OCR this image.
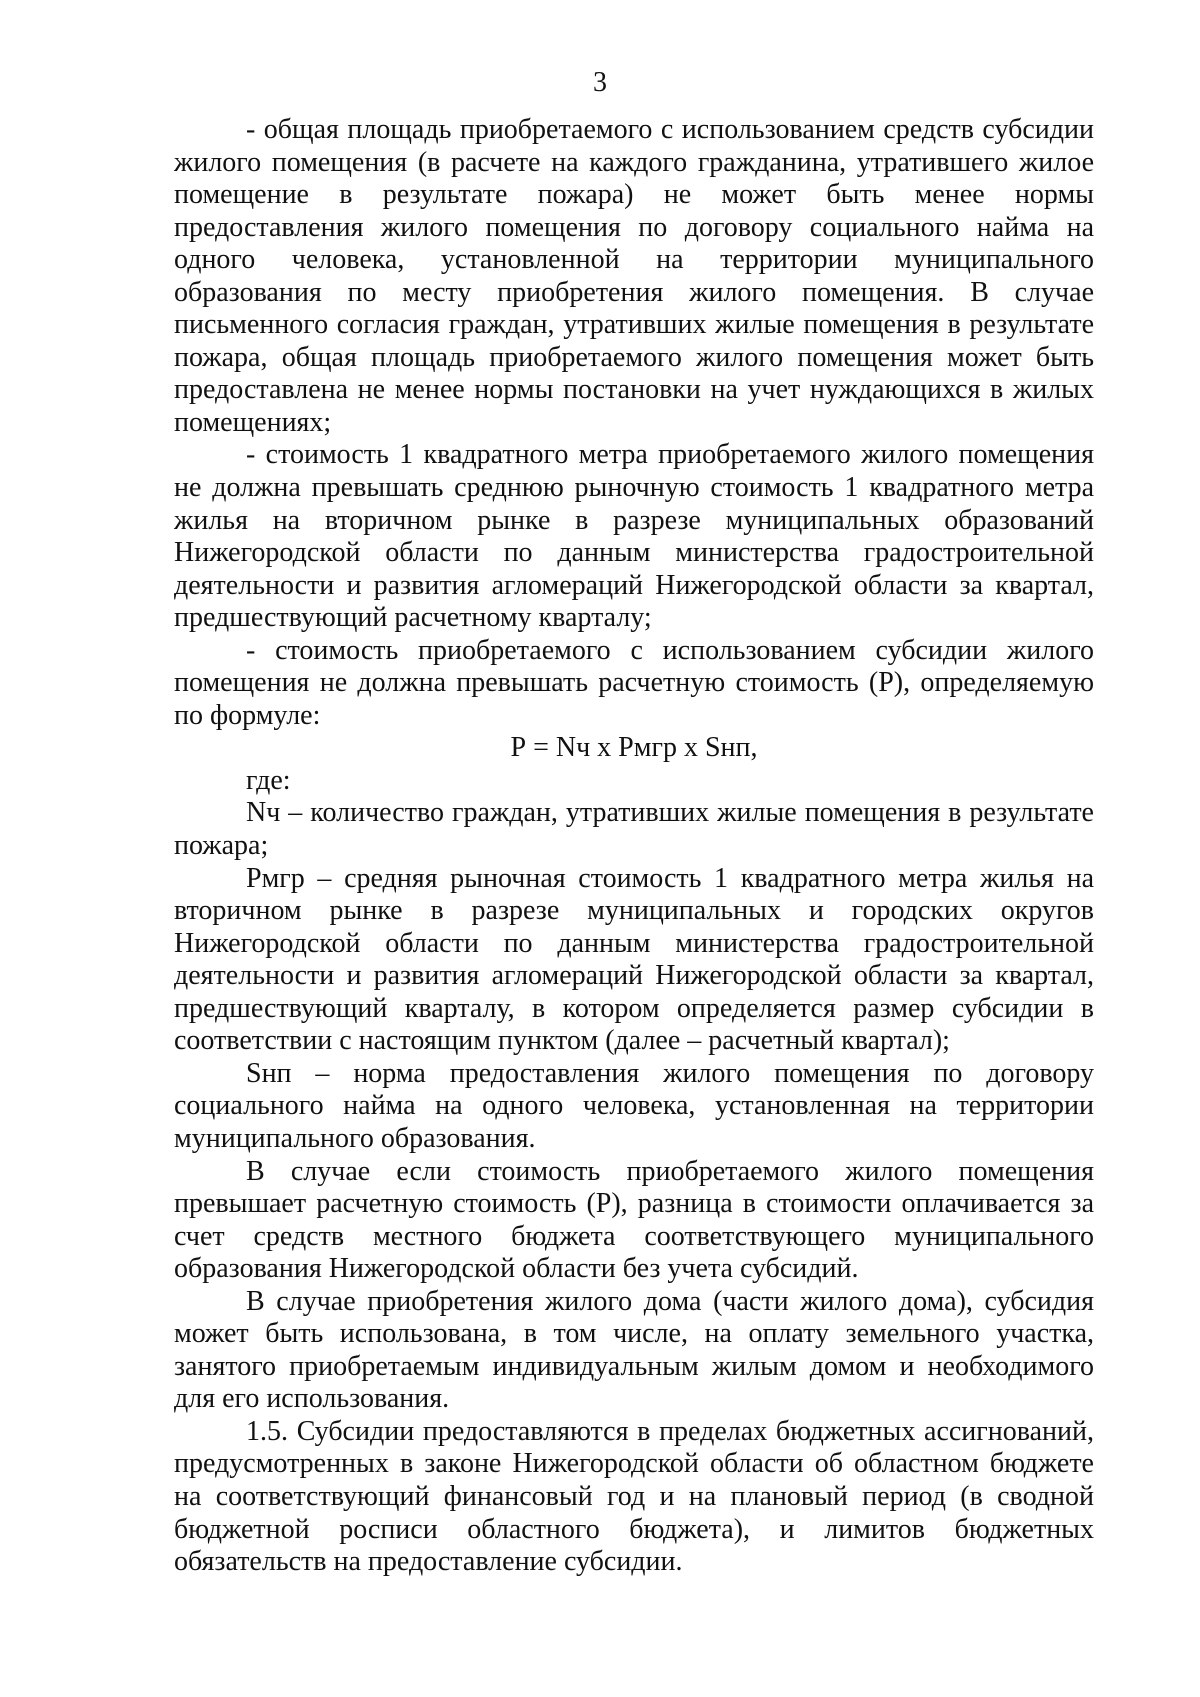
3

- общая площадь приобретаемого с использованием средств субсидии жилого помещения (в расчете на каждого гражданина, утратившего жилое помещение в результате пожара) не может быть менее нормы предоставления жилого помещения по договору социального найма на одного человека, установленной на территории муниципального образования по месту приобретения жилого помещения. В случае письменного согласия граждан, утративших жилые помещения в результате пожара, общая площадь приобретаемого жилого помещения может быть предоставлена не менее нормы постановки на учет нуждающихся в жилых помещениях;

- стоимость 1 квадратного метра приобретаемого жилого помещения не должна превышать среднюю рыночную стоимость 1 квадратного метра жилья на вторичном рынке в разрезе муниципальных образований Нижегородской области по данным министерства градостроительной деятельности и развития агломераций Нижегородской области за квартал, предшествующий расчетному кварталу;

- стоимость приобретаемого с использованием субсидии жилого помещения не должна превышать расчетную стоимость (Р), определяемую по формуле:

Р = Nч x Рмгр x Sнп,

где:

Nч – количество граждан, утративших жилые помещения в результате пожара;

Рмгр – средняя рыночная стоимость 1 квадратного метра жилья на вторичном рынке в разрезе муниципальных и городских округов Нижегородской области по данным министерства градостроительной деятельности и развития агломераций Нижегородской области за квартал, предшествующий кварталу, в котором определяется размер субсидии в соответствии с настоящим пунктом (далее – расчетный квартал);

Sнп – норма предоставления жилого помещения по договору социального найма на одного человека, установленная на территории муниципального образования.

В случае если стоимость приобретаемого жилого помещения превышает расчетную стоимость (Р), разница в стоимости оплачивается за счет средств местного бюджета соответствующего муниципального образования Нижегородской области без учета субсидий.

В случае приобретения жилого дома (части жилого дома), субсидия может быть использована, в том числе, на оплату земельного участка, занятого приобретаемым индивидуальным жилым домом и необходимого для его использования.

1.5. Субсидии предоставляются в пределах бюджетных ассигнований, предусмотренных в законе Нижегородской области об областном бюджете на соответствующий финансовый год и на плановый период (в сводной бюджетной росписи областного бюджета), и лимитов бюджетных обязательств на предоставление субсидии.
